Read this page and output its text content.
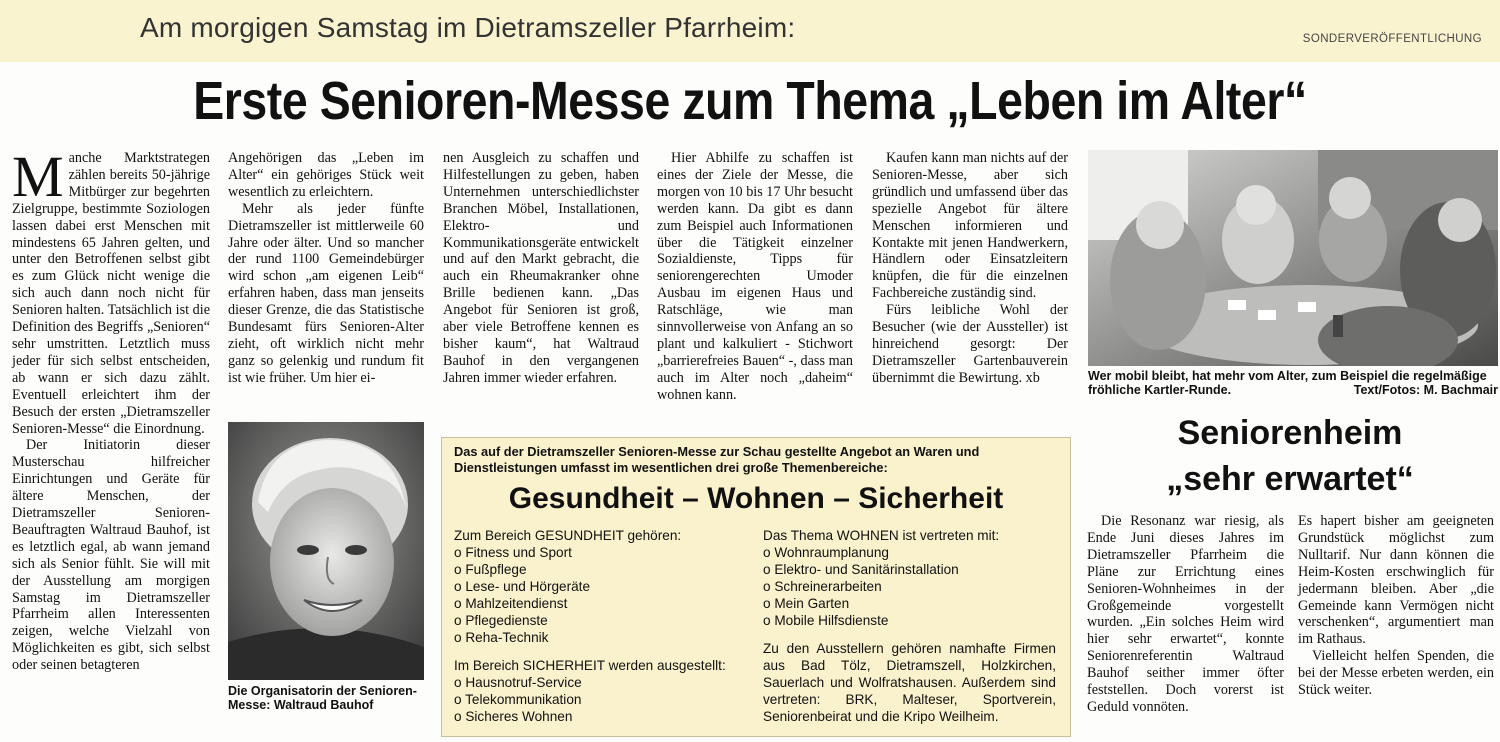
Am morgigen Samstag im Dietramszeller Pfarrheim:	SONDERVERÖFFENTLICHUNG
Erste Senioren-Messe zum Thema „Leben im Alter“

Manche Marktstrategen zählen bereits 50-jährige Mitbürger zur begehrten Zielgruppe, bestimmte Soziologen lassen dabei erst Menschen mit mindestens 65 Jahren gelten, und unter den Betroffenen selbst gibt es zum Glück nicht wenige die sich auch dann noch nicht für Senioren halten. Tatsächlich ist die Definition des Begriffs „Senioren“ sehr umstritten. Letztlich muss jeder für sich selbst entscheiden, ab wann er sich dazu zählt. Eventuell erleichtert ihm der Besuch der ersten „Dietramszeller Senioren-Messe“ die Einordnung.

Der Initiatorin dieser Musterschau hilfreicher Einrichtungen und Geräte für ältere Menschen, der Dietramszeller Senioren-Beauftragten Waltraud Bauhof, ist es letztlich egal, ab wann jemand sich als Senior fühlt. Sie will mit der Ausstellung am morgigen Samstag im Dietramszeller Pfarrheim allen Interessenten zeigen, welche Vielzahl von Möglichkeiten es gibt, sich selbst oder seinen betagteren

Angehörigen das „Leben im Alter“ ein gehöriges Stück weit wesentlich zu erleichtern.

Mehr als jeder fünfte Dietramszeller ist mittlerweile 60 Jahre oder älter. Und so mancher der rund 1100 Gemeindebürger wird schon „am eigenen Leib“ erfahren haben, dass man jenseits dieser Grenze, die das Statistische Bundesamt fürs Senioren-Alter zieht, oft wirklich nicht mehr ganz so gelenkig und rundum fit ist wie früher. Um hier ei-

nen Ausgleich zu schaffen und Hilfestellungen zu geben, haben Unternehmen unterschiedlichster Branchen Möbel, Installationen, Elektro- und Kommunikationsgeräte entwickelt und auf den Markt gebracht, die auch ein Rheumakranker ohne Brille bedienen kann. „Das Angebot für Senioren ist groß, aber viele Betroffene kennen es bisher kaum“, hat Waltraud Bauhof in den vergangenen Jahren immer wieder erfahren.

Hier Abhilfe zu schaffen ist eines der Ziele der Messe, die morgen von 10 bis 17 Uhr besucht werden kann. Da gibt es dann zum Beispiel auch Informationen über die Tätigkeit einzelner Sozialdienste, Tipps für seniorengerechten Umoder Ausbau im eigenen Haus und Ratschläge, wie man sinnvollerweise von Anfang an so plant und kalkuliert - Stichwort „barrierefreies Bauen“ -, dass man auch im Alter noch „daheim“ wohnen kann.

Kaufen kann man nichts auf der Senioren-Messe, aber sich gründlich und umfassend über das spezielle Angebot für ältere Menschen informieren und Kontakte mit jenen Handwerkern, Händlern oder Einsatzleitern knüpfen, die für die einzelnen Fachbereiche zuständig sind.

Fürs leibliche Wohl der Besucher (wie der Aussteller) ist hinreichend gesorgt: Der Dietramszeller Gartenbauverein übernimmt die Bewirtung. xb

Die Organisatorin der Senioren-Messe: Waltraud Bauhof
Wer mobil bleibt, hat mehr vom Alter, zum Beispiel die regelmäßige fröhliche Kartler-Runde.	Text/Fotos: M. Bachmair
Seniorenheim
„sehr erwartet“

Die Resonanz war riesig, als Ende Juni dieses Jahres im Dietramszeller Pfarrheim die Pläne zur Errichtung eines Senioren-Wohnheimes in der Großgemeinde vorgestellt wurden. „Ein solches Heim wird hier sehr erwartet“, konnte Seniorenreferentin Waltraud Bauhof seither immer öfter feststellen. Doch vorerst ist Geduld vonnöten.

Es hapert bisher am geeigneten Grundstück möglichst zum Nulltarif. Nur dann können die Heim-Kosten erschwinglich für jedermann bleiben. Aber „die Gemeinde kann Vermögen nicht verschenken“, argumentiert man im Rathaus.

Vielleicht helfen Spenden, die bei der Messe erbeten werden, ein Stück weiter.

Das auf der Dietramszeller Senioren-Messe zur Schau gestellte Angebot an Waren und Dienstleistungen umfasst im wesentlichen drei große Themenbereiche:
Gesundheit – Wohnen – Sicherheit
Zum Bereich GESUNDHEIT gehören:
o Fitness und Sport
o Fußpflege
o Lese- und Hörgeräte
o Mahlzeitendienst
o Pflegedienste
o Reha-Technik
Im Bereich SICHERHEIT werden ausgestellt:
o Hausnotruf-Service
o Telekommunikation
o Sicheres Wohnen
Das Thema WOHNEN ist vertreten mit:
o Wohnraumplanung
o Elektro- und Sanitärinstallation
o Schreinerarbeiten
o Mein Garten
o Mobile Hilfsdienste
Zu den Ausstellern gehören namhafte Firmen aus Bad Tölz, Dietramszell, Holzkirchen, Sauerlach und Wolfratshausen. Außerdem sind vertreten: BRK, Malteser, Sportverein, Seniorenbeirat und die Kripo Weilheim.
